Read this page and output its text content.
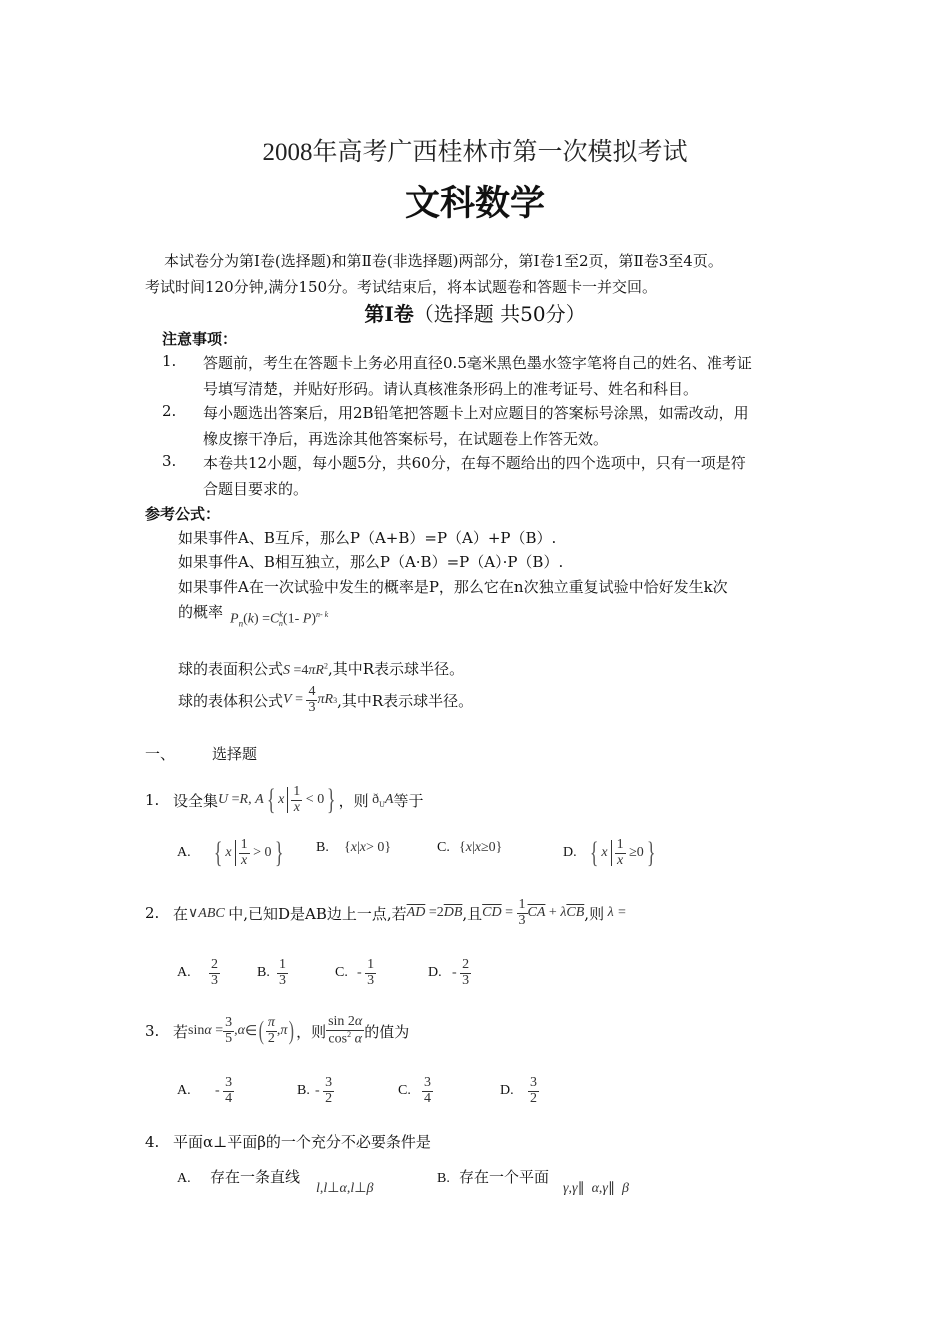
2008年高考广西桂林市第一次模拟考试
文科数学
本试卷分为第Ⅰ卷(选择题)和第Ⅱ卷(非选择题)两部分，第Ⅰ卷1至2页，第Ⅱ卷3至4页。
考试时间120分钟,满分150分。考试结束后，将本试题卷和答题卡一并交回。
第Ⅰ卷（选择题 共50分）
注意事项：
1. 答题前，考生在答题卡上务必用直径0.5毫米黑色墨水签字笔将自己的姓名、准考证
号填写清楚，并贴好形码。请认真核准条形码上的准考证号、姓名和科目。
2. 每小题选出答案后，用2B铅笔把答题卡上对应题目的答案标号涂黑，如需改动，用
橡皮擦干净后，再选涂其他答案标号，在试题卷上作答无效。
3. 本卷共12小题，每小题5分，共60分，在每不题给出的四个选项中，只有一项是符
合题目要求的。
参考公式：
如果事件A、B互斥，那么P（A+B）=P（A）+P（B）.
如果事件A、B相互独立，那么P（A·B）=P（A）·P（B）.
如果事件A在一次试验中发生的概率是P，那么它在n次独立重复试验中恰好发生k次
的概率 $P_n(k) =C^k_n(1-$ P)$^{n- k}$
球的表面积公式$S =4\pi R^2$,其中R表示球半径。
球的表体积公式 $V = \frac{4}{3}$ πR 3 ,其中R表示球半径。
一、 选择题
1. 设全集 U = R , A { x $\frac{1}{x} < 0$ } ，则 $ð_UA$ 等于
A. { x $\frac{1}{x} > 0$ } B.	{ x | x > 0}	C. { x | x ≥0}	D. { x $\frac{1}{x} \ge 0$ }
2. 在 ∨ABC 中,已知D是AB边上一点,若 $\overline{AD} =2\overline{DB}$ ,且 $\overline{CD} = \frac{1}{3} \overline{CA} + \lambda$ $\overline{CB}$ ,则 λ =
A.	$\frac{2}{3}$	B. $\frac{1}{3}$	C. - $\frac{1}{3}$	D. - $\frac{2}{3}$
3. 若 $\sin \alpha = \frac{3}{5}$ , α ∈ ( $\frac{\pi}{2}$ , π ) ，则 $\frac{\sin 2\alpha}{\cos^2 \alpha}$ 的值为
A.	- $\frac{3}{4}$	B. - $\frac{3}{2}$	C. $\frac{3}{4}$	D.	$\frac{3}{2}$
4. 平面α⊥平面β的一个充分不必要条件是
A. 存在一条直线
l,l⊥α,l⊥β
B. 存在一个平面
γ,γ∥  α,γ∥  β
